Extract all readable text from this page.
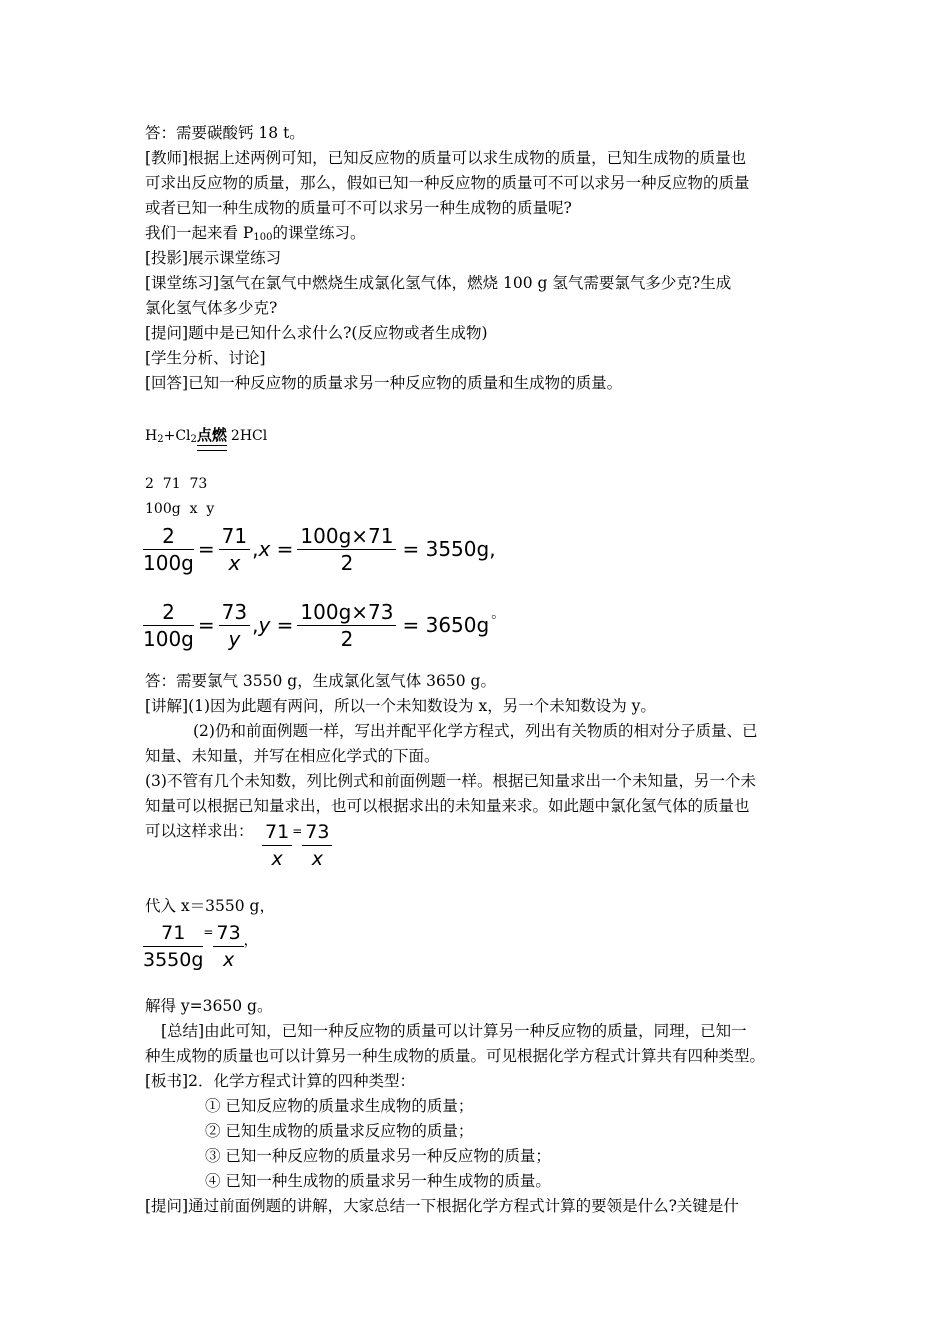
答：需要碳酸钙 18 t。
[教师]根据上述两例可知，已知反应物的质量可以求生成物的质量，已知生成物的质量也
可求出反应物的质量，那么，假如已知一种反应物的质量可不可以求另一种反应物的质量
或者已知一种生成物的质量可不可以求另一种生成物的质量呢?
我们一起来看 $P_{100}$的课堂练习。
[投影]展示课堂练习
[课堂练习]氢气在氯气中燃烧生成氯化氢气体，燃烧 100 g 氢气需要氯气多少克?生成
氯化氢气体多少克?
[提问]题中是已知什么求什么?(反应物或者生成物)
[学生分析、讨论]
[回答]已知一种反应物的质量求另一种反应物的质量和生成物的质量。
$H_2+Cl_2$点燃 2HCl
2  71  73
100g  x  y
$\frac{2}{100g} = \frac{71}{x}$ , $x = \frac{100g\times 71}{2} = 3550g$,
$\frac{2}{100g} = \frac{73}{y}$ , $y = \frac{100g\times 73}{2} = 3650g$ 。
答：需要氯气 3550 g，生成氯化氢气体 3650 g。
[讲解](1)因为此题有两问，所以一个未知数设为 x，另一个未知数设为 y。
(2)仍和前面例题一样，写出并配平化学方程式，列出有关物质的相对分子质量、已
知量、未知量，并写在相应化学式的下面。
(3)不管有几个未知数，列比例式和前面例题一样。根据已知量求出一个未知量，另一个未
知量可以根据已知量求出，也可以根据求出的未知量来求。如此题中氯化氢气体的质量也
可以这样求出： $\frac{71}{x} = \frac{73}{x}$
代入 x＝3550 g，
$\frac{71}{3550g} = \frac{73}{x}$ ，
解得 y=3650 g。
[总结]由此可知，已知一种反应物的质量可以计算另一种反应物的质量，同理，已知一
种生成物的质量也可以计算另一种生成物的质量。可见根据化学方程式计算共有四种类型。
[板书]2．化学方程式计算的四种类型：
① 已知反应物的质量求生成物的质量；
② 已知生成物的质量求反应物的质量；
③ 已知一种反应物的质量求另一种反应物的质量；
④ 已知一种生成物的质量求另一种生成物的质量。
[提问]通过前面例题的讲解，大家总结一下根据化学方程式计算的要领是什么?关键是什
